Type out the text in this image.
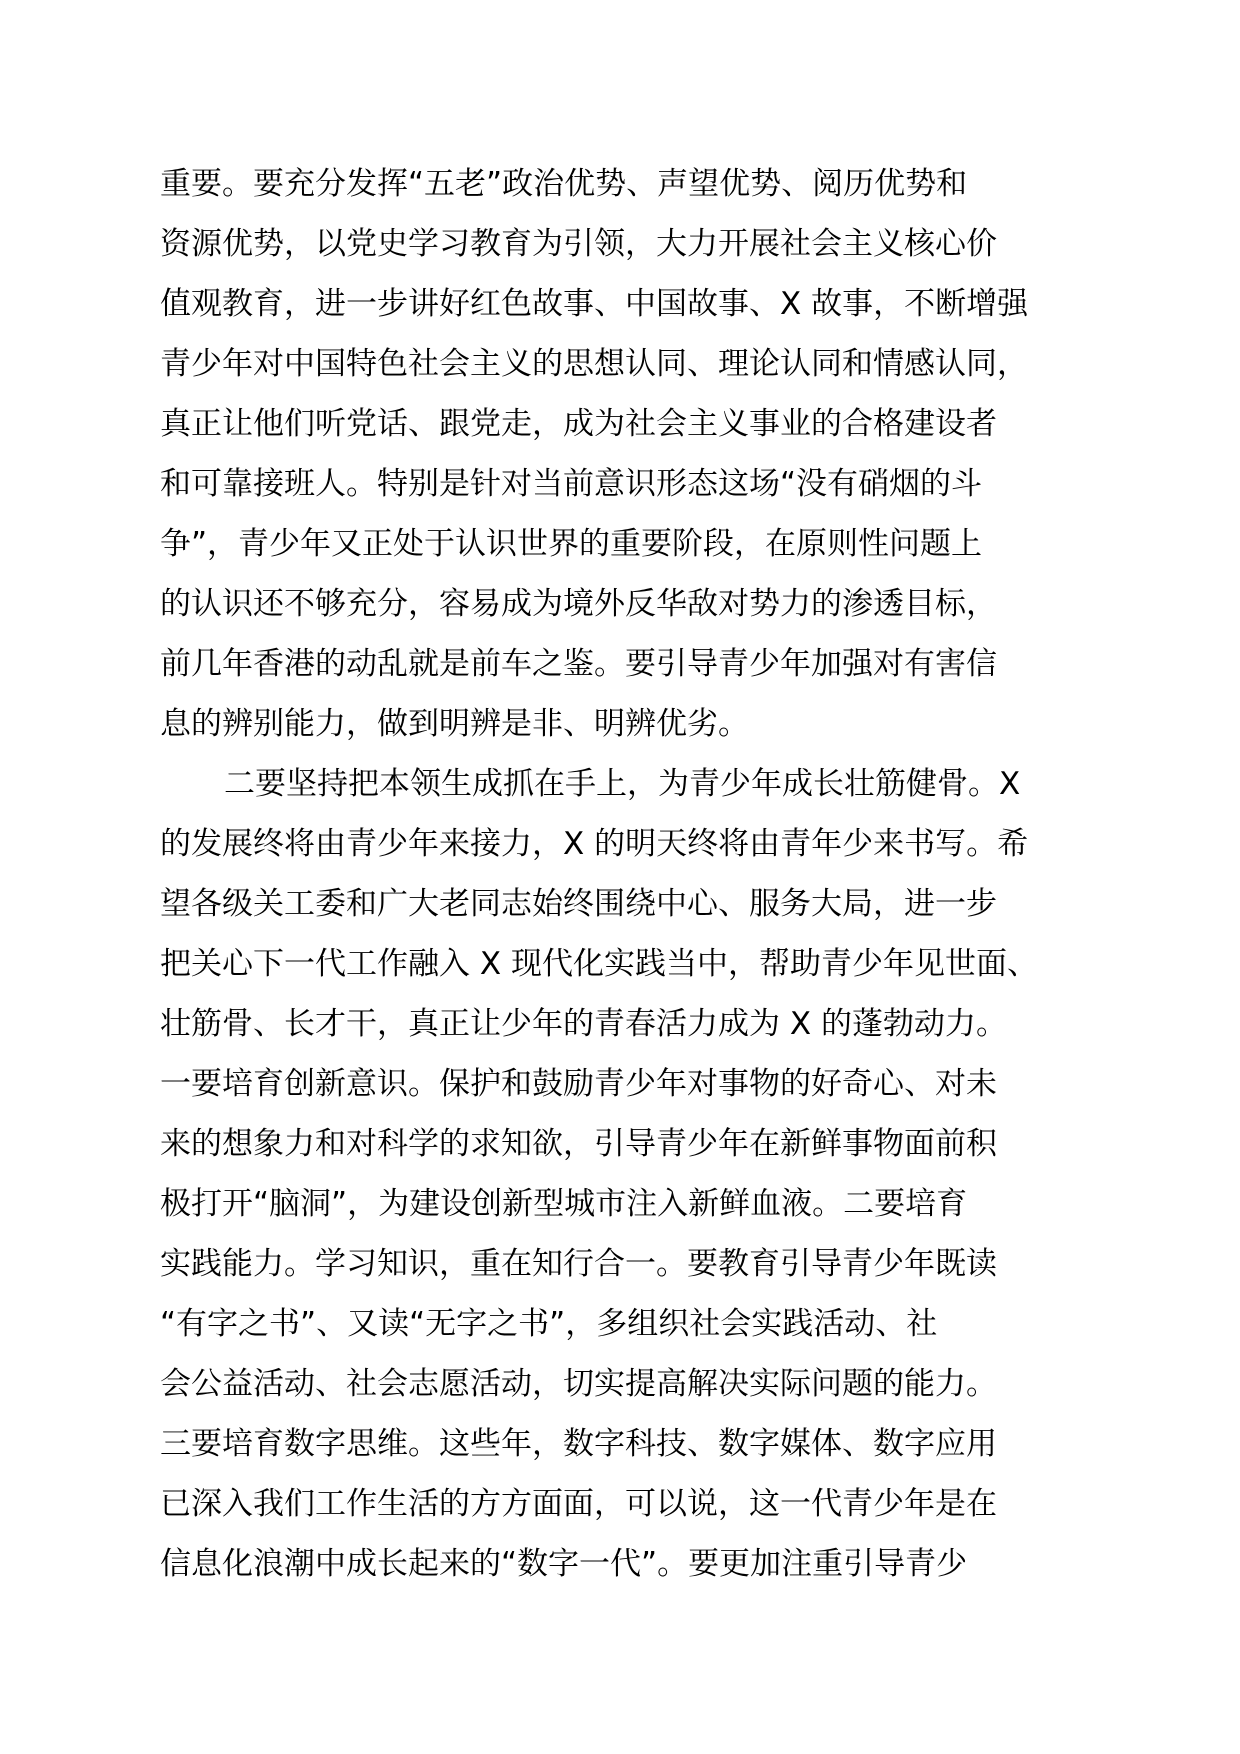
重要。要充分发挥“五老”政治优势、声望优势、阅历优势和
资源优势，以党史学习教育为引领，大力开展社会主义核心价
值观教育，进一步讲好红色故事、中国故事、X 故事，不断增强
青少年对中国特色社会主义的思想认同、理论认同和情感认同，
真正让他们听党话、跟党走，成为社会主义事业的合格建设者
和可靠接班人。特别是针对当前意识形态这场“没有硝烟的斗
争”，青少年又正处于认识世界的重要阶段，在原则性问题上
的认识还不够充分，容易成为境外反华敌对势力的渗透目标，
前几年香港的动乱就是前车之鉴。要引导青少年加强对有害信
息的辨别能力，做到明辨是非、明辨优劣。
二要坚持把本领生成抓在手上，为青少年成长壮筋健骨。X
的发展终将由青少年来接力，X 的明天终将由青年少来书写。希
望各级关工委和广大老同志始终围绕中心、服务大局，进一步
把关心下一代工作融入 X 现代化实践当中，帮助青少年见世面、
壮筋骨、长才干，真正让少年的青春活力成为 X 的蓬勃动力。
一要培育创新意识。保护和鼓励青少年对事物的好奇心、对未
来的想象力和对科学的求知欲，引导青少年在新鲜事物面前积
极打开“脑洞”，为建设创新型城市注入新鲜血液。二要培育
实践能力。学习知识，重在知行合一。要教育引导青少年既读
“有字之书”、又读“无字之书”，多组织社会实践活动、社
会公益活动、社会志愿活动，切实提高解决实际问题的能力。
三要培育数字思维。这些年，数字科技、数字媒体、数字应用
已深入我们工作生活的方方面面，可以说，这一代青少年是在
信息化浪潮中成长起来的“数字一代”。要更加注重引导青少
